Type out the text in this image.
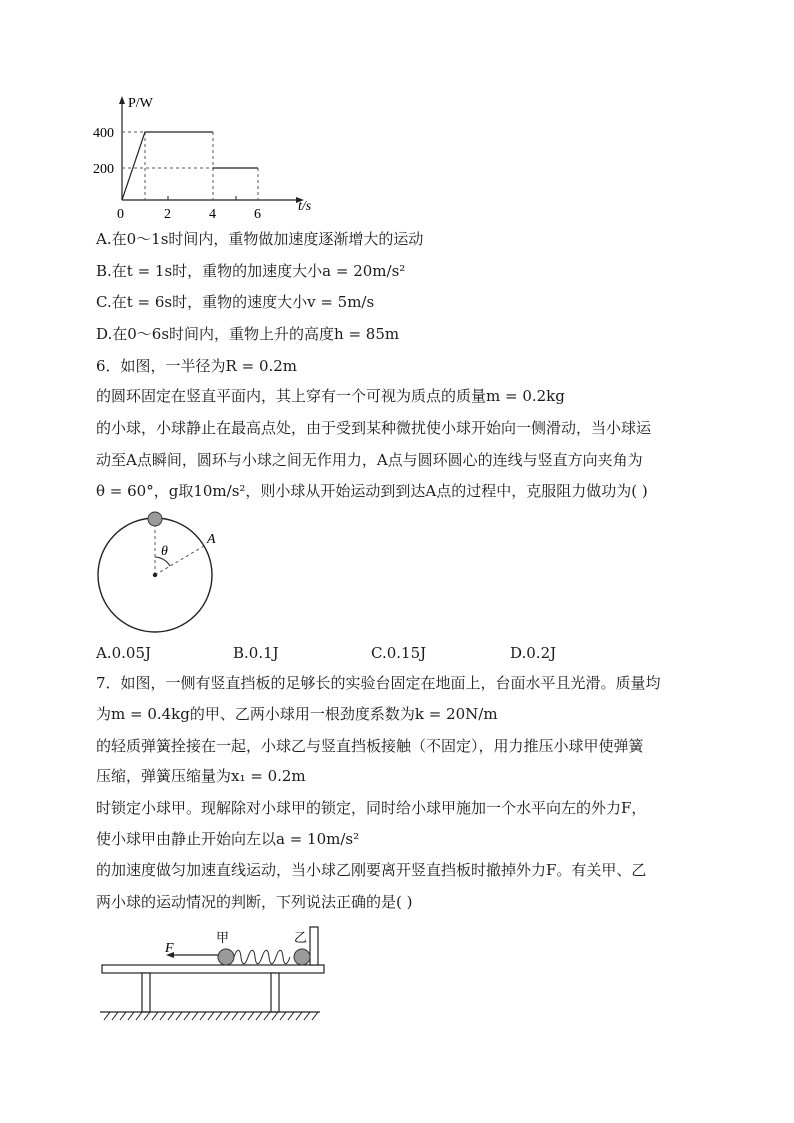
P/W
400
200
0	2	4	6
t/s
A.在0～1s时间内，重物做加速度逐渐增大的运动
B.在t = 1s时，重物的加速度大小a = 20m/s²
C.在t = 6s时，重物的速度大小v = 5m/s
D.在0～6s时间内，重物上升的高度h = 85m
6．如图，一半径为R = 0.2m
的圆环固定在竖直平面内，其上穿有一个可视为质点的质量m = 0.2kg
的小球，小球静止在最高点处，由于受到某种微扰使小球开始向一侧滑动，当小球运
动至A点瞬间，圆环与小球之间无作用力，A点与圆环圆心的连线与竖直方向夹角为
θ = 60°，g取10m/s²，则小球从开始运动到到达A点的过程中，克服阻力做功为( )
θ
A
A.0.05J	B.0.1J	C.0.15J	D.0.2J
7．如图，一侧有竖直挡板的足够长的实验台固定在地面上，台面水平且光滑。质量均
为m = 0.4kg的甲、乙两小球用一根劲度系数为k = 20N/m
的轻质弹簧拴接在一起，小球乙与竖直挡板接触（不固定），用力推压小球甲使弹簧
压缩，弹簧压缩量为x₁ = 0.2m
时锁定小球甲。现解除对小球甲的锁定，同时给小球甲施加一个水平向左的外力F，
使小球甲由静止开始向左以a = 10m/s²
的加速度做匀加速直线运动，当小球乙刚要离开竖直挡板时撤掉外力F。有关甲、乙
两小球的运动情况的判断，下列说法正确的是( )
F
甲	乙
